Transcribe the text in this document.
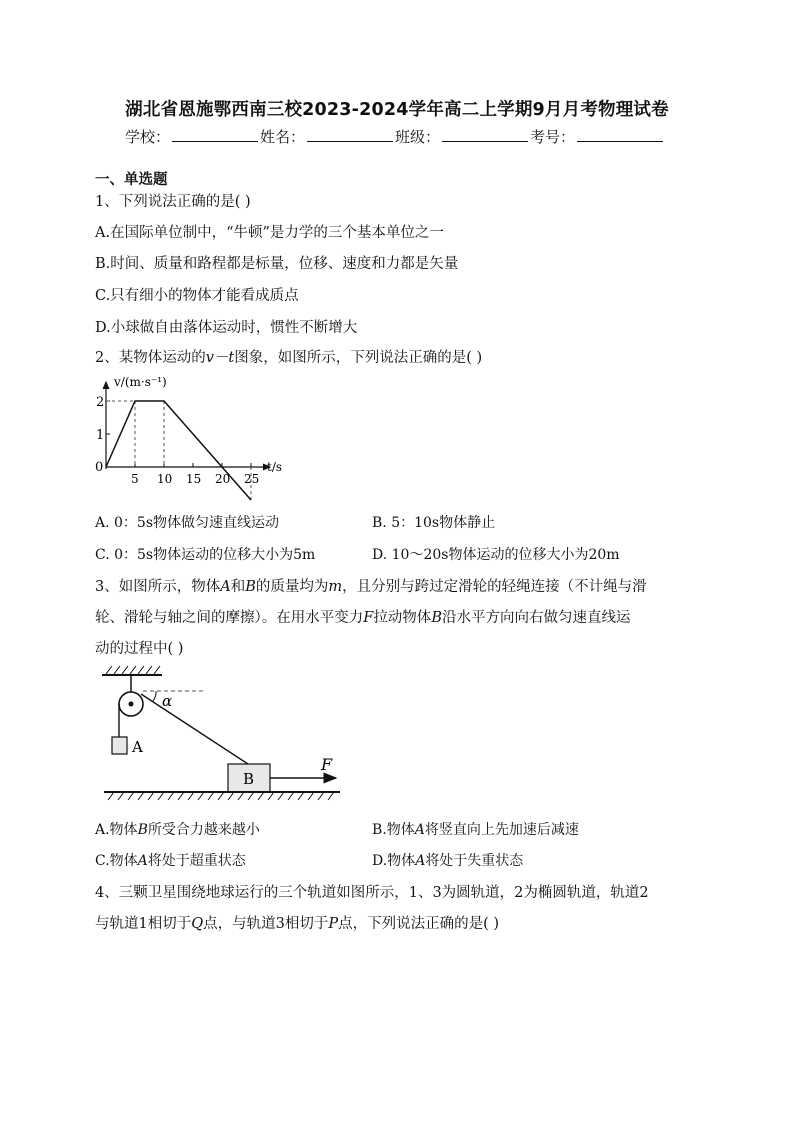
湖北省恩施鄂西南三校2023-2024学年高二上学期9月月考物理试卷
学校：	姓名：	班级：	考号：
一、单选题
1、下列说法正确的是( )
A.在国际单位制中，“牛顿”是力学的三个基本单位之一
B.时间、质量和路程都是标量，位移、速度和力都是矢量
C.只有细小的物体才能看成质点
D.小球做自由落体运动时，惯性不断增大
2、某物体运动的v－t图象，如图所示，下列说法正确的是( )
v/(m·s⁻¹)
t/s
0
1
2
5 10 15 20 25
A. 0：5s物体做匀速直线运动	B. 5：10s物体静止
C. 0：5s物体运动的位移大小为5m	D. 10～20s物体运动的位移大小为20m
3、如图所示，物体A和B的质量均为m，且分别与跨过定滑轮的轻绳连接（不计绳与滑
轮、滑轮与轴之间的摩擦）。在用水平变力F拉动物体B沿水平方向向右做匀速直线运
动的过程中( )
α
A
B
F
A.物体B所受合力越来越小	B.物体A将竖直向上先加速后减速
C.物体A将处于超重状态	D.物体A将处于失重状态
4、三颗卫星围绕地球运行的三个轨道如图所示，1、3为圆轨道，2为椭圆轨道，轨道2
与轨道1相切于Q点，与轨道3相切于P点，下列说法正确的是( )
